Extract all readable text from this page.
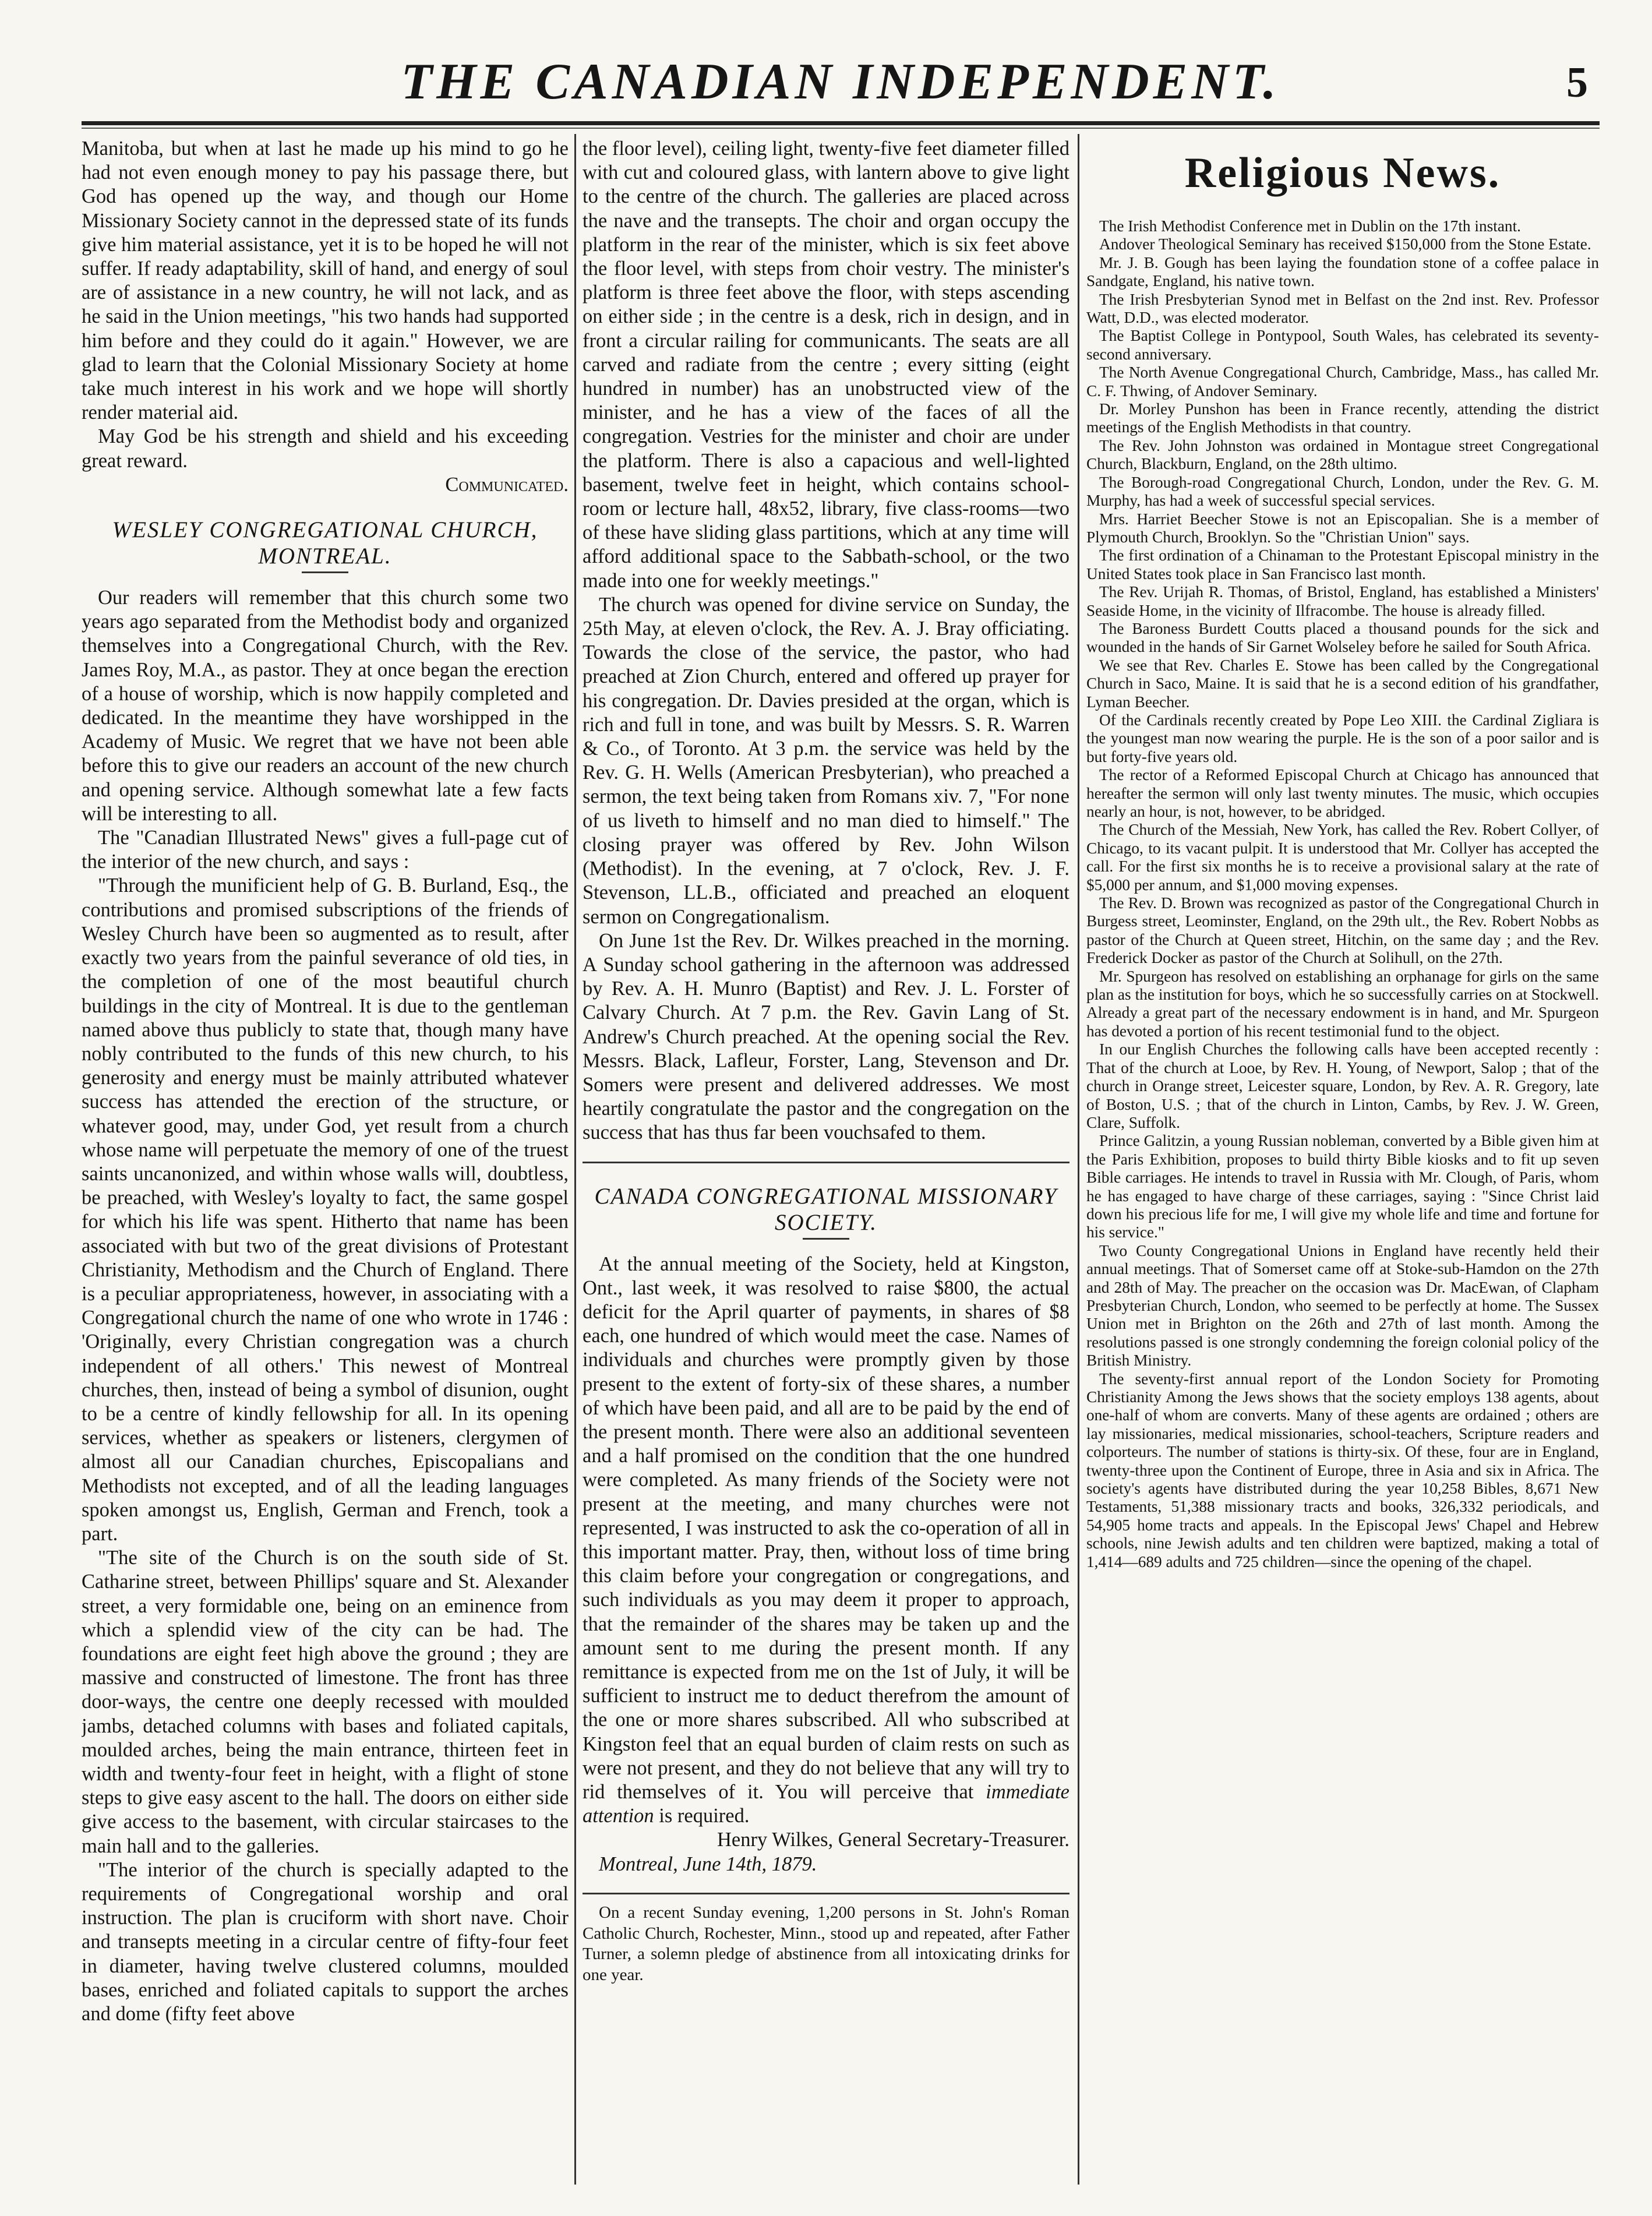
THE CANADIAN INDEPENDENT.	5

Manitoba, but when at last he made up his mind to go he had not even enough money to pay his passage there, but God has opened up the way, and though our Home Missionary Society cannot in the depressed state of its funds give him material assistance, yet it is to be hoped he will not suffer. If ready adaptability, skill of hand, and energy of soul are of assistance in a new country, he will not lack, and as he said in the Union meetings, "his two hands had supported him before and they could do it again." However, we are glad to learn that the Colonial Missionary Society at home take much interest in his work and we hope will shortly render material aid.

May God be his strength and shield and his exceeding great reward.

Communicated.

WESLEY CONGREGATIONAL CHURCH, MONTREAL.

Our readers will remember that this church some two years ago separated from the Methodist body and organized themselves into a Congregational Church, with the Rev. James Roy, M.A., as pastor. They at once began the erection of a house of worship, which is now happily completed and dedicated. In the meantime they have worshipped in the Academy of Music. We regret that we have not been able before this to give our readers an account of the new church and opening service. Although somewhat late a few facts will be interesting to all.

The "Canadian Illustrated News" gives a full-page cut of the interior of the new church, and says :

"Through the munificient help of G. B. Burland, Esq., the contributions and promised subscriptions of the friends of Wesley Church have been so augmented as to result, after exactly two years from the painful severance of old ties, in the completion of one of the most beautiful church buildings in the city of Montreal. It is due to the gentleman named above thus publicly to state that, though many have nobly contributed to the funds of this new church, to his generosity and energy must be mainly attributed whatever success has attended the erection of the structure, or whatever good, may, under God, yet result from a church whose name will perpetuate the memory of one of the truest saints uncanonized, and within whose walls will, doubtless, be preached, with Wesley's loyalty to fact, the same gospel for which his life was spent. Hitherto that name has been associated with but two of the great divisions of Protestant Christianity, Methodism and the Church of England. There is a peculiar appropriateness, however, in associating with a Congregational church the name of one who wrote in 1746 : 'Originally, every Christian congregation was a church independent of all others.' This newest of Montreal churches, then, instead of being a symbol of disunion, ought to be a centre of kindly fellowship for all. In its opening services, whether as speakers or listeners, clergymen of almost all our Canadian churches, Episcopalians and Methodists not excepted, and of all the leading languages spoken amongst us, English, German and French, took a part.

"The site of the Church is on the south side of St. Catharine street, between Phillips' square and St. Alexander street, a very formidable one, being on an eminence from which a splendid view of the city can be had. The foundations are eight feet high above the ground ; they are massive and constructed of limestone. The front has three door-ways, the centre one deeply recessed with moulded jambs, detached columns with bases and foliated capitals, moulded arches, being the main entrance, thirteen feet in width and twenty-four feet in height, with a flight of stone steps to give easy ascent to the hall. The doors on either side give access to the basement, with circular staircases to the main hall and to the galleries.

"The interior of the church is specially adapted to the requirements of Congregational worship and oral instruction. The plan is cruciform with short nave. Choir and transepts meeting in a circular centre of fifty-four feet in diameter, having twelve clustered columns, moulded bases, enriched and foliated capitals to support the arches and dome (fifty feet above

the floor level), ceiling light, twenty-five feet diameter filled with cut and coloured glass, with lantern above to give light to the centre of the church. The galleries are placed across the nave and the transepts. The choir and organ occupy the platform in the rear of the minister, which is six feet above the floor level, with steps from choir vestry. The minister's platform is three feet above the floor, with steps ascending on either side ; in the centre is a desk, rich in design, and in front a circular railing for communicants. The seats are all carved and radiate from the centre ; every sitting (eight hundred in number) has an unobstructed view of the minister, and he has a view of the faces of all the congregation. Vestries for the minister and choir are under the platform. There is also a capacious and well-lighted basement, twelve feet in height, which contains school-room or lecture hall, 48x52, library, five class-rooms—two of these have sliding glass partitions, which at any time will afford additional space to the Sabbath-school, or the two made into one for weekly meetings."

The church was opened for divine service on Sunday, the 25th May, at eleven o'clock, the Rev. A. J. Bray officiating. Towards the close of the service, the pastor, who had preached at Zion Church, entered and offered up prayer for his congregation. Dr. Davies presided at the organ, which is rich and full in tone, and was built by Messrs. S. R. Warren & Co., of Toronto. At 3 p.m. the service was held by the Rev. G. H. Wells (American Presbyterian), who preached a sermon, the text being taken from Romans xiv. 7, "For none of us liveth to himself and no man died to himself." The closing prayer was offered by Rev. John Wilson (Methodist). In the evening, at 7 o'clock, Rev. J. F. Stevenson, LL.B., officiated and preached an eloquent sermon on Congregationalism.

On June 1st the Rev. Dr. Wilkes preached in the morning. A Sunday school gathering in the afternoon was addressed by Rev. A. H. Munro (Baptist) and Rev. J. L. Forster of Calvary Church. At 7 p.m. the Rev. Gavin Lang of St. Andrew's Church preached. At the opening social the Rev. Messrs. Black, Lafleur, Forster, Lang, Stevenson and Dr. Somers were present and delivered addresses. We most heartily congratulate the pastor and the congregation on the success that has thus far been vouchsafed to them.

CANADA CONGREGATIONAL MISSIONARY SOCIETY.

At the annual meeting of the Society, held at Kingston, Ont., last week, it was resolved to raise $800, the actual deficit for the April quarter of payments, in shares of $8 each, one hundred of which would meet the case. Names of individuals and churches were promptly given by those present to the extent of forty-six of these shares, a number of which have been paid, and all are to be paid by the end of the present month. There were also an additional seventeen and a half promised on the condition that the one hundred were completed. As many friends of the Society were not present at the meeting, and many churches were not represented, I was instructed to ask the co-operation of all in this important matter. Pray, then, without loss of time bring this claim before your congregation or congregations, and such individuals as you may deem it proper to approach, that the remainder of the shares may be taken up and the amount sent to me during the present month. If any remittance is expected from me on the 1st of July, it will be sufficient to instruct me to deduct therefrom the amount of the one or more shares subscribed. All who subscribed at Kingston feel that an equal burden of claim rests on such as were not present, and they do not believe that any will try to rid themselves of it. You will perceive that immediate attention is required.

Henry Wilkes, General Secretary-Treasurer.

Montreal, June 14th, 1879.

On a recent Sunday evening, 1,200 persons in St. John's Roman Catholic Church, Rochester, Minn., stood up and repeated, after Father Turner, a solemn pledge of abstinence from all intoxicating drinks for one year.

Religious News.

The Irish Methodist Conference met in Dublin on the 17th instant.

Andover Theological Seminary has received $150,000 from the Stone Estate.

Mr. J. B. Gough has been laying the foundation stone of a coffee palace in Sandgate, England, his native town.

The Irish Presbyterian Synod met in Belfast on the 2nd inst. Rev. Professor Watt, D.D., was elected moderator.

The Baptist College in Pontypool, South Wales, has celebrated its seventy-second anniversary.

The North Avenue Congregational Church, Cambridge, Mass., has called Mr. C. F. Thwing, of Andover Seminary.

Dr. Morley Punshon has been in France recently, attending the district meetings of the English Methodists in that country.

The Rev. John Johnston was ordained in Montague street Congregational Church, Blackburn, England, on the 28th ultimo.

The Borough-road Congregational Church, London, under the Rev. G. M. Murphy, has had a week of successful special services.

Mrs. Harriet Beecher Stowe is not an Episcopalian. She is a member of Plymouth Church, Brooklyn. So the "Christian Union" says.

The first ordination of a Chinaman to the Protestant Episcopal ministry in the United States took place in San Francisco last month.

The Rev. Urijah R. Thomas, of Bristol, England, has established a Ministers' Seaside Home, in the vicinity of Ilfracombe. The house is already filled.

The Baroness Burdett Coutts placed a thousand pounds for the sick and wounded in the hands of Sir Garnet Wolseley before he sailed for South Africa.

We see that Rev. Charles E. Stowe has been called by the Congregational Church in Saco, Maine. It is said that he is a second edition of his grandfather, Lyman Beecher.

Of the Cardinals recently created by Pope Leo XIII. the Cardinal Zigliara is the youngest man now wearing the purple. He is the son of a poor sailor and is but forty-five years old.

The rector of a Reformed Episcopal Church at Chicago has announced that hereafter the sermon will only last twenty minutes. The music, which occupies nearly an hour, is not, however, to be abridged.

The Church of the Messiah, New York, has called the Rev. Robert Collyer, of Chicago, to its vacant pulpit. It is understood that Mr. Collyer has accepted the call. For the first six months he is to receive a provisional salary at the rate of $5,000 per annum, and $1,000 moving expenses.

The Rev. D. Brown was recognized as pastor of the Congregational Church in Burgess street, Leominster, England, on the 29th ult., the Rev. Robert Nobbs as pastor of the Church at Queen street, Hitchin, on the same day ; and the Rev. Frederick Docker as pastor of the Church at Solihull, on the 27th.

Mr. Spurgeon has resolved on establishing an orphanage for girls on the same plan as the institution for boys, which he so successfully carries on at Stockwell. Already a great part of the necessary endowment is in hand, and Mr. Spurgeon has devoted a portion of his recent testimonial fund to the object.

In our English Churches the following calls have been accepted recently : That of the church at Looe, by Rev. H. Young, of Newport, Salop ; that of the church in Orange street, Leicester square, London, by Rev. A. R. Gregory, late of Boston, U.S. ; that of the church in Linton, Cambs, by Rev. J. W. Green, Clare, Suffolk.

Prince Galitzin, a young Russian nobleman, converted by a Bible given him at the Paris Exhibition, proposes to build thirty Bible kiosks and to fit up seven Bible carriages. He intends to travel in Russia with Mr. Clough, of Paris, whom he has engaged to have charge of these carriages, saying : "Since Christ laid down his precious life for me, I will give my whole life and time and fortune for his service."

Two County Congregational Unions in England have recently held their annual meetings. That of Somerset came off at Stoke-sub-Hamdon on the 27th and 28th of May. The preacher on the occasion was Dr. MacEwan, of Clapham Presbyterian Church, London, who seemed to be perfectly at home. The Sussex Union met in Brighton on the 26th and 27th of last month. Among the resolutions passed is one strongly condemning the foreign colonial policy of the British Ministry.

The seventy-first annual report of the London Society for Promoting Christianity Among the Jews shows that the society employs 138 agents, about one-half of whom are converts. Many of these agents are ordained ; others are lay missionaries, medical missionaries, school-teachers, Scripture readers and colporteurs. The number of stations is thirty-six. Of these, four are in England, twenty-three upon the Continent of Europe, three in Asia and six in Africa. The society's agents have distributed during the year 10,258 Bibles, 8,671 New Testaments, 51,388 missionary tracts and books, 326,332 periodicals, and 54,905 home tracts and appeals. In the Episcopal Jews' Chapel and Hebrew schools, nine Jewish adults and ten children were baptized, making a total of 1,414—689 adults and 725 children—since the opening of the chapel.
